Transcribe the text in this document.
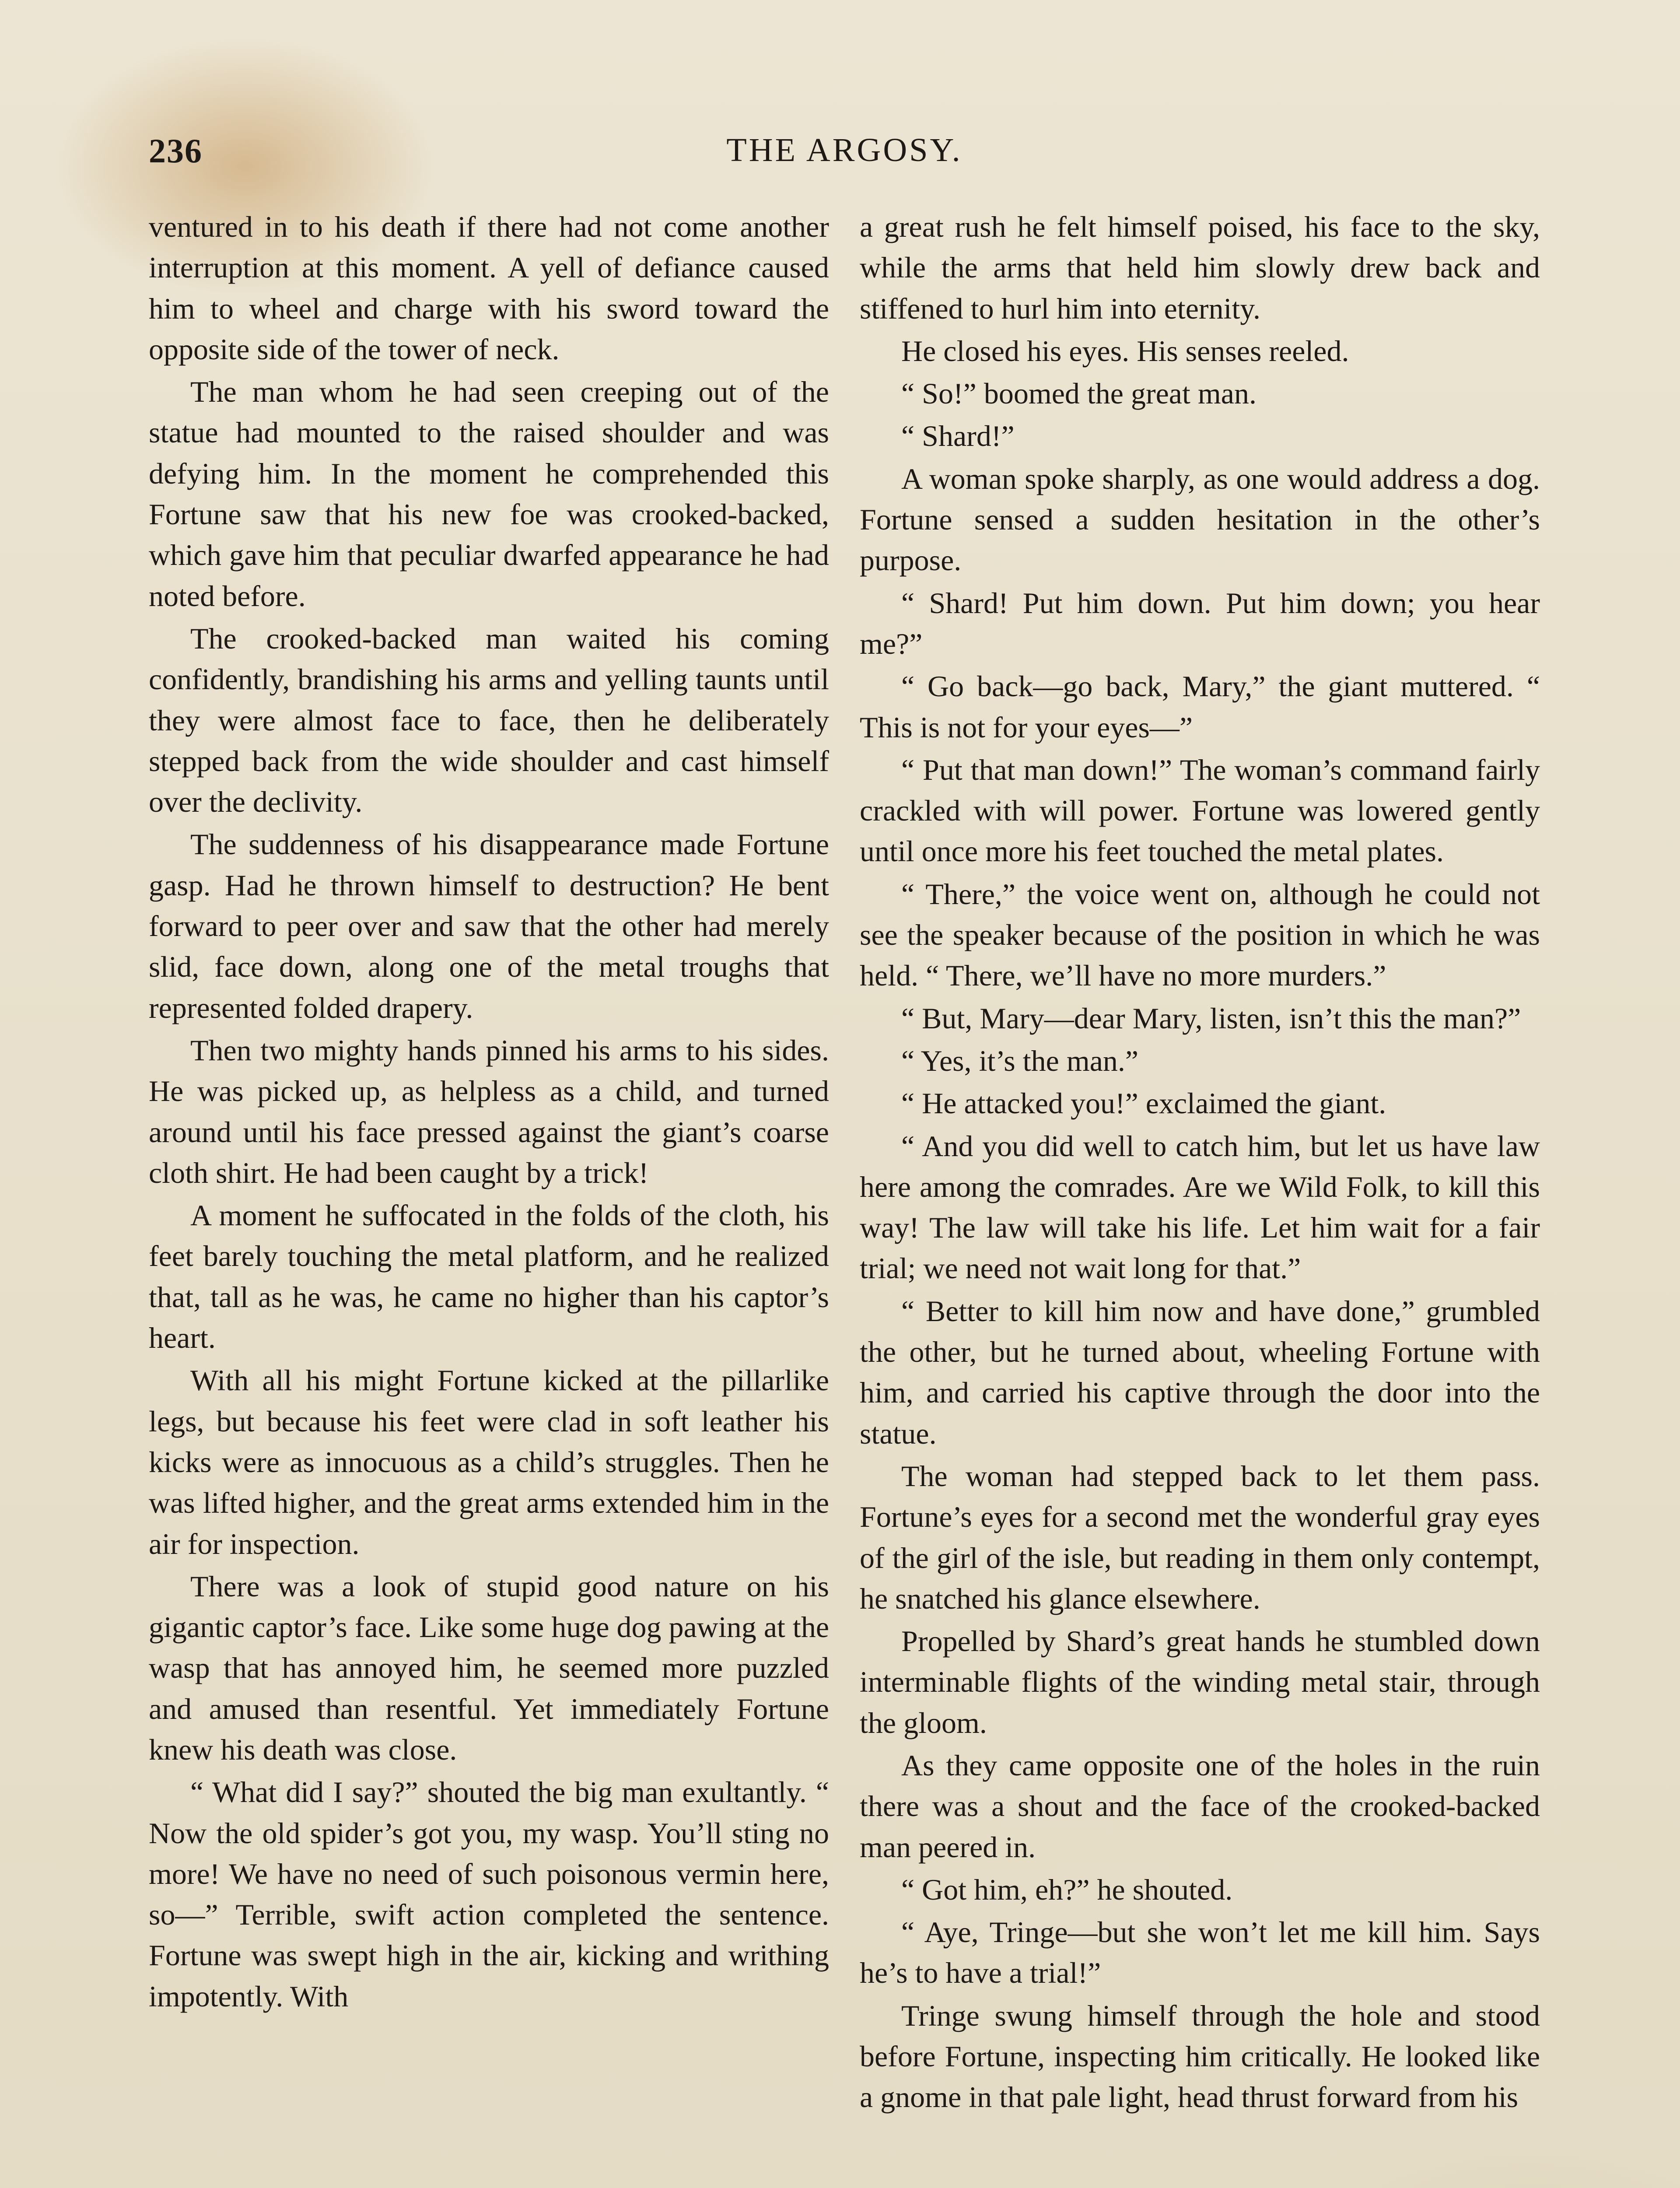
236	THE ARGOSY.

ventured in to his death if there had not come another interruption at this moment. A yell of defiance caused him to wheel and charge with his sword toward the opposite side of the tower of neck.

The man whom he had seen creeping out of the statue had mounted to the raised shoulder and was defying him. In the moment he comprehended this Fortune saw that his new foe was crooked-backed, which gave him that peculiar dwarfed appearance he had noted before.

The crooked-backed man waited his coming confidently, brandishing his arms and yelling taunts until they were almost face to face, then he deliberately stepped back from the wide shoulder and cast himself over the declivity.

The suddenness of his disappearance made Fortune gasp. Had he thrown himself to destruction? He bent forward to peer over and saw that the other had merely slid, face down, along one of the metal troughs that represented folded drapery.

Then two mighty hands pinned his arms to his sides. He was picked up, as helpless as a child, and turned around until his face pressed against the giant’s coarse cloth shirt. He had been caught by a trick!

A moment he suffocated in the folds of the cloth, his feet barely touching the metal platform, and he realized that, tall as he was, he came no higher than his captor’s heart.

With all his might Fortune kicked at the pillarlike legs, but because his feet were clad in soft leather his kicks were as innocuous as a child’s struggles. Then he was lifted higher, and the great arms extended him in the air for inspection.

There was a look of stupid good nature on his gigantic captor’s face. Like some huge dog pawing at the wasp that has annoyed him, he seemed more puzzled and amused than resentful. Yet immediately Fortune knew his death was close.

“ What did I say?” shouted the big man exultantly. “ Now the old spider’s got you, my wasp. You’ll sting no more! We have no need of such poisonous vermin here, so—” Terrible, swift action completed the sentence. Fortune was swept high in the air, kicking and writhing impotently. With

a great rush he felt himself poised, his face to the sky, while the arms that held him slowly drew back and stiffened to hurl him into eternity.

He closed his eyes. His senses reeled.

“ So!” boomed the great man.

“ Shard!”

A woman spoke sharply, as one would address a dog. Fortune sensed a sudden hesitation in the other’s purpose.

“ Shard! Put him down. Put him down; you hear me?”

“ Go back—go back, Mary,” the giant muttered. “ This is not for your eyes—”

“ Put that man down!” The woman’s command fairly crackled with will power. Fortune was lowered gently until once more his feet touched the metal plates.

“ There,” the voice went on, although he could not see the speaker because of the position in which he was held. “ There, we’ll have no more murders.”

“ But, Mary—dear Mary, listen, isn’t this the man?”

“ Yes, it’s the man.”

“ He attacked you!” exclaimed the giant.

“ And you did well to catch him, but let us have law here among the comrades. Are we Wild Folk, to kill this way! The law will take his life. Let him wait for a fair trial; we need not wait long for that.”

“ Better to kill him now and have done,” grumbled the other, but he turned about, wheeling Fortune with him, and carried his captive through the door into the statue.

The woman had stepped back to let them pass. Fortune’s eyes for a second met the wonderful gray eyes of the girl of the isle, but reading in them only contempt, he snatched his glance elsewhere.

Propelled by Shard’s great hands he stumbled down interminable flights of the winding metal stair, through the gloom.

As they came opposite one of the holes in the ruin there was a shout and the face of the crooked-backed man peered in.

“ Got him, eh?” he shouted.

“ Aye, Tringe—but she won’t let me kill him. Says he’s to have a trial!”

Tringe swung himself through the hole and stood before Fortune, inspecting him critically. He looked like a gnome in that pale light, head thrust forward from his
